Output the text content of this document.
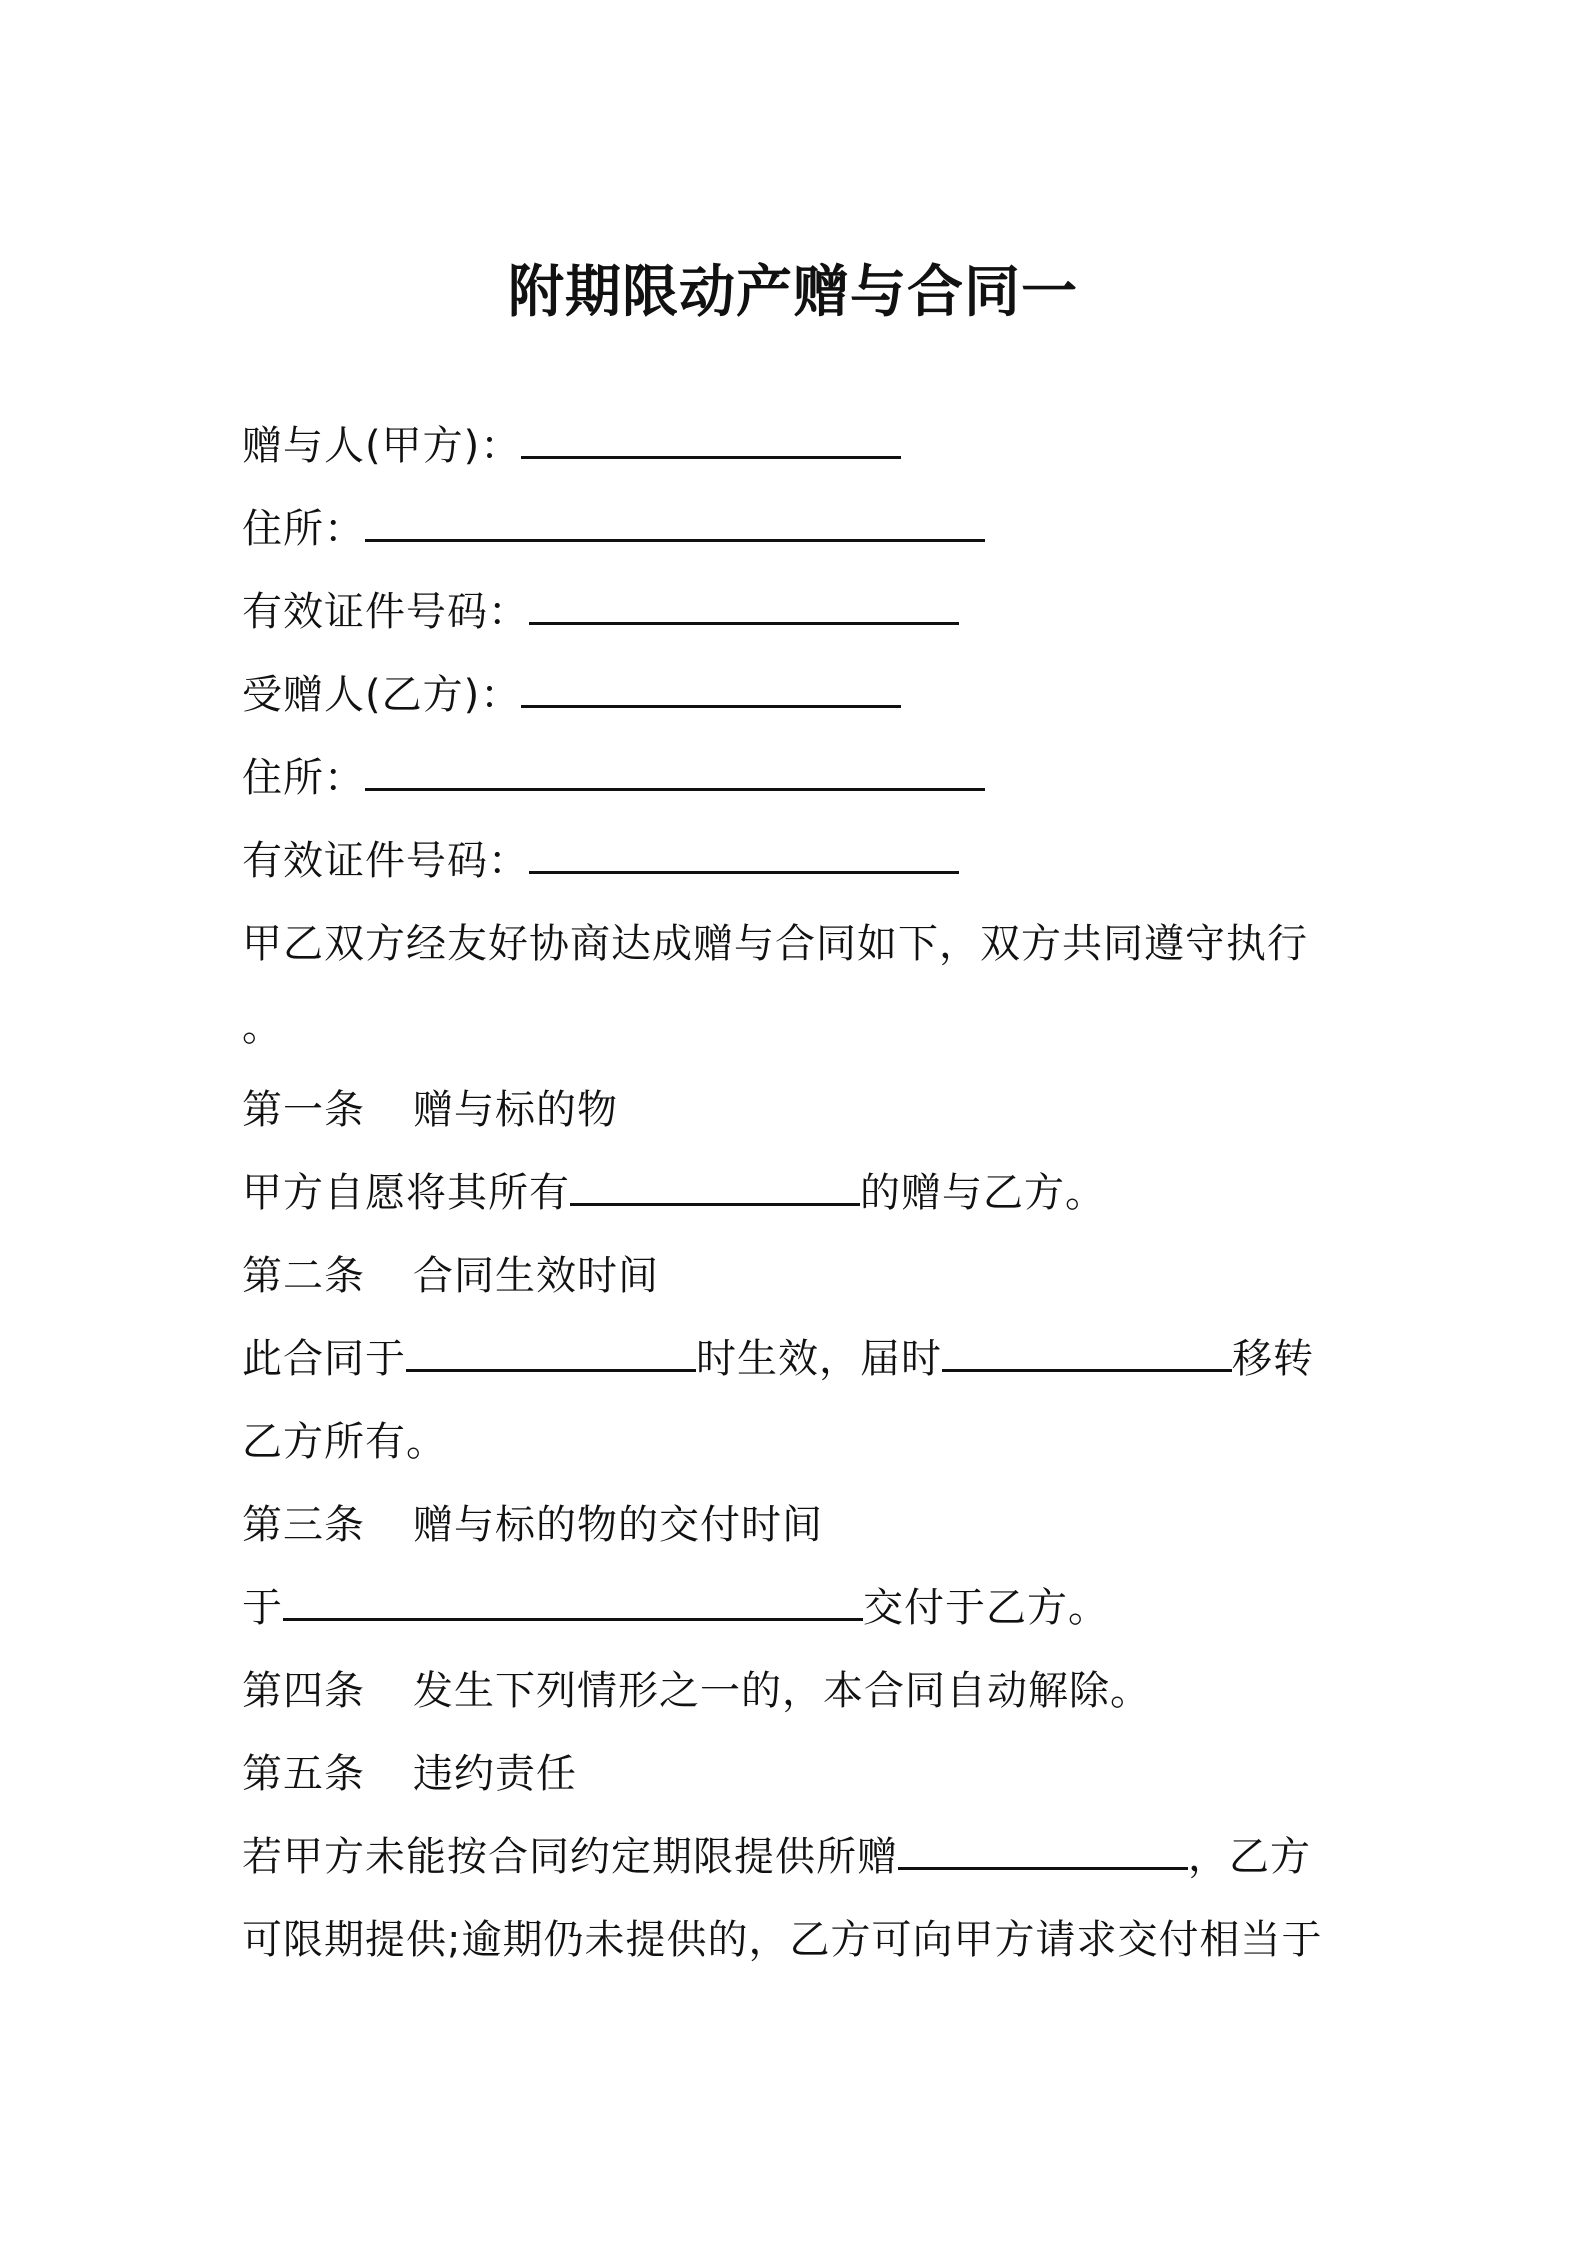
附期限动产赠与合同一
赠与人(甲方)：
住所：
有效证件号码：
受赠人(乙方)：
住所：
有效证件号码：
甲乙双方经友好协商达成赠与合同如下，双方共同遵守执行
。
第一条 赠与标的物
甲方自愿将其所有	的赠与乙方。
第二条 合同生效时间
此合同于	时生效，届时	移转
乙方所有。
第三条 赠与标的物的交付时间
于	交付于乙方。
第四条 发生下列情形之一的，本合同自动解除。
第五条 违约责任
若甲方未能按合同约定期限提供所赠	，乙方
可限期提供;逾期仍未提供的，乙方可向甲方请求交付相当于
